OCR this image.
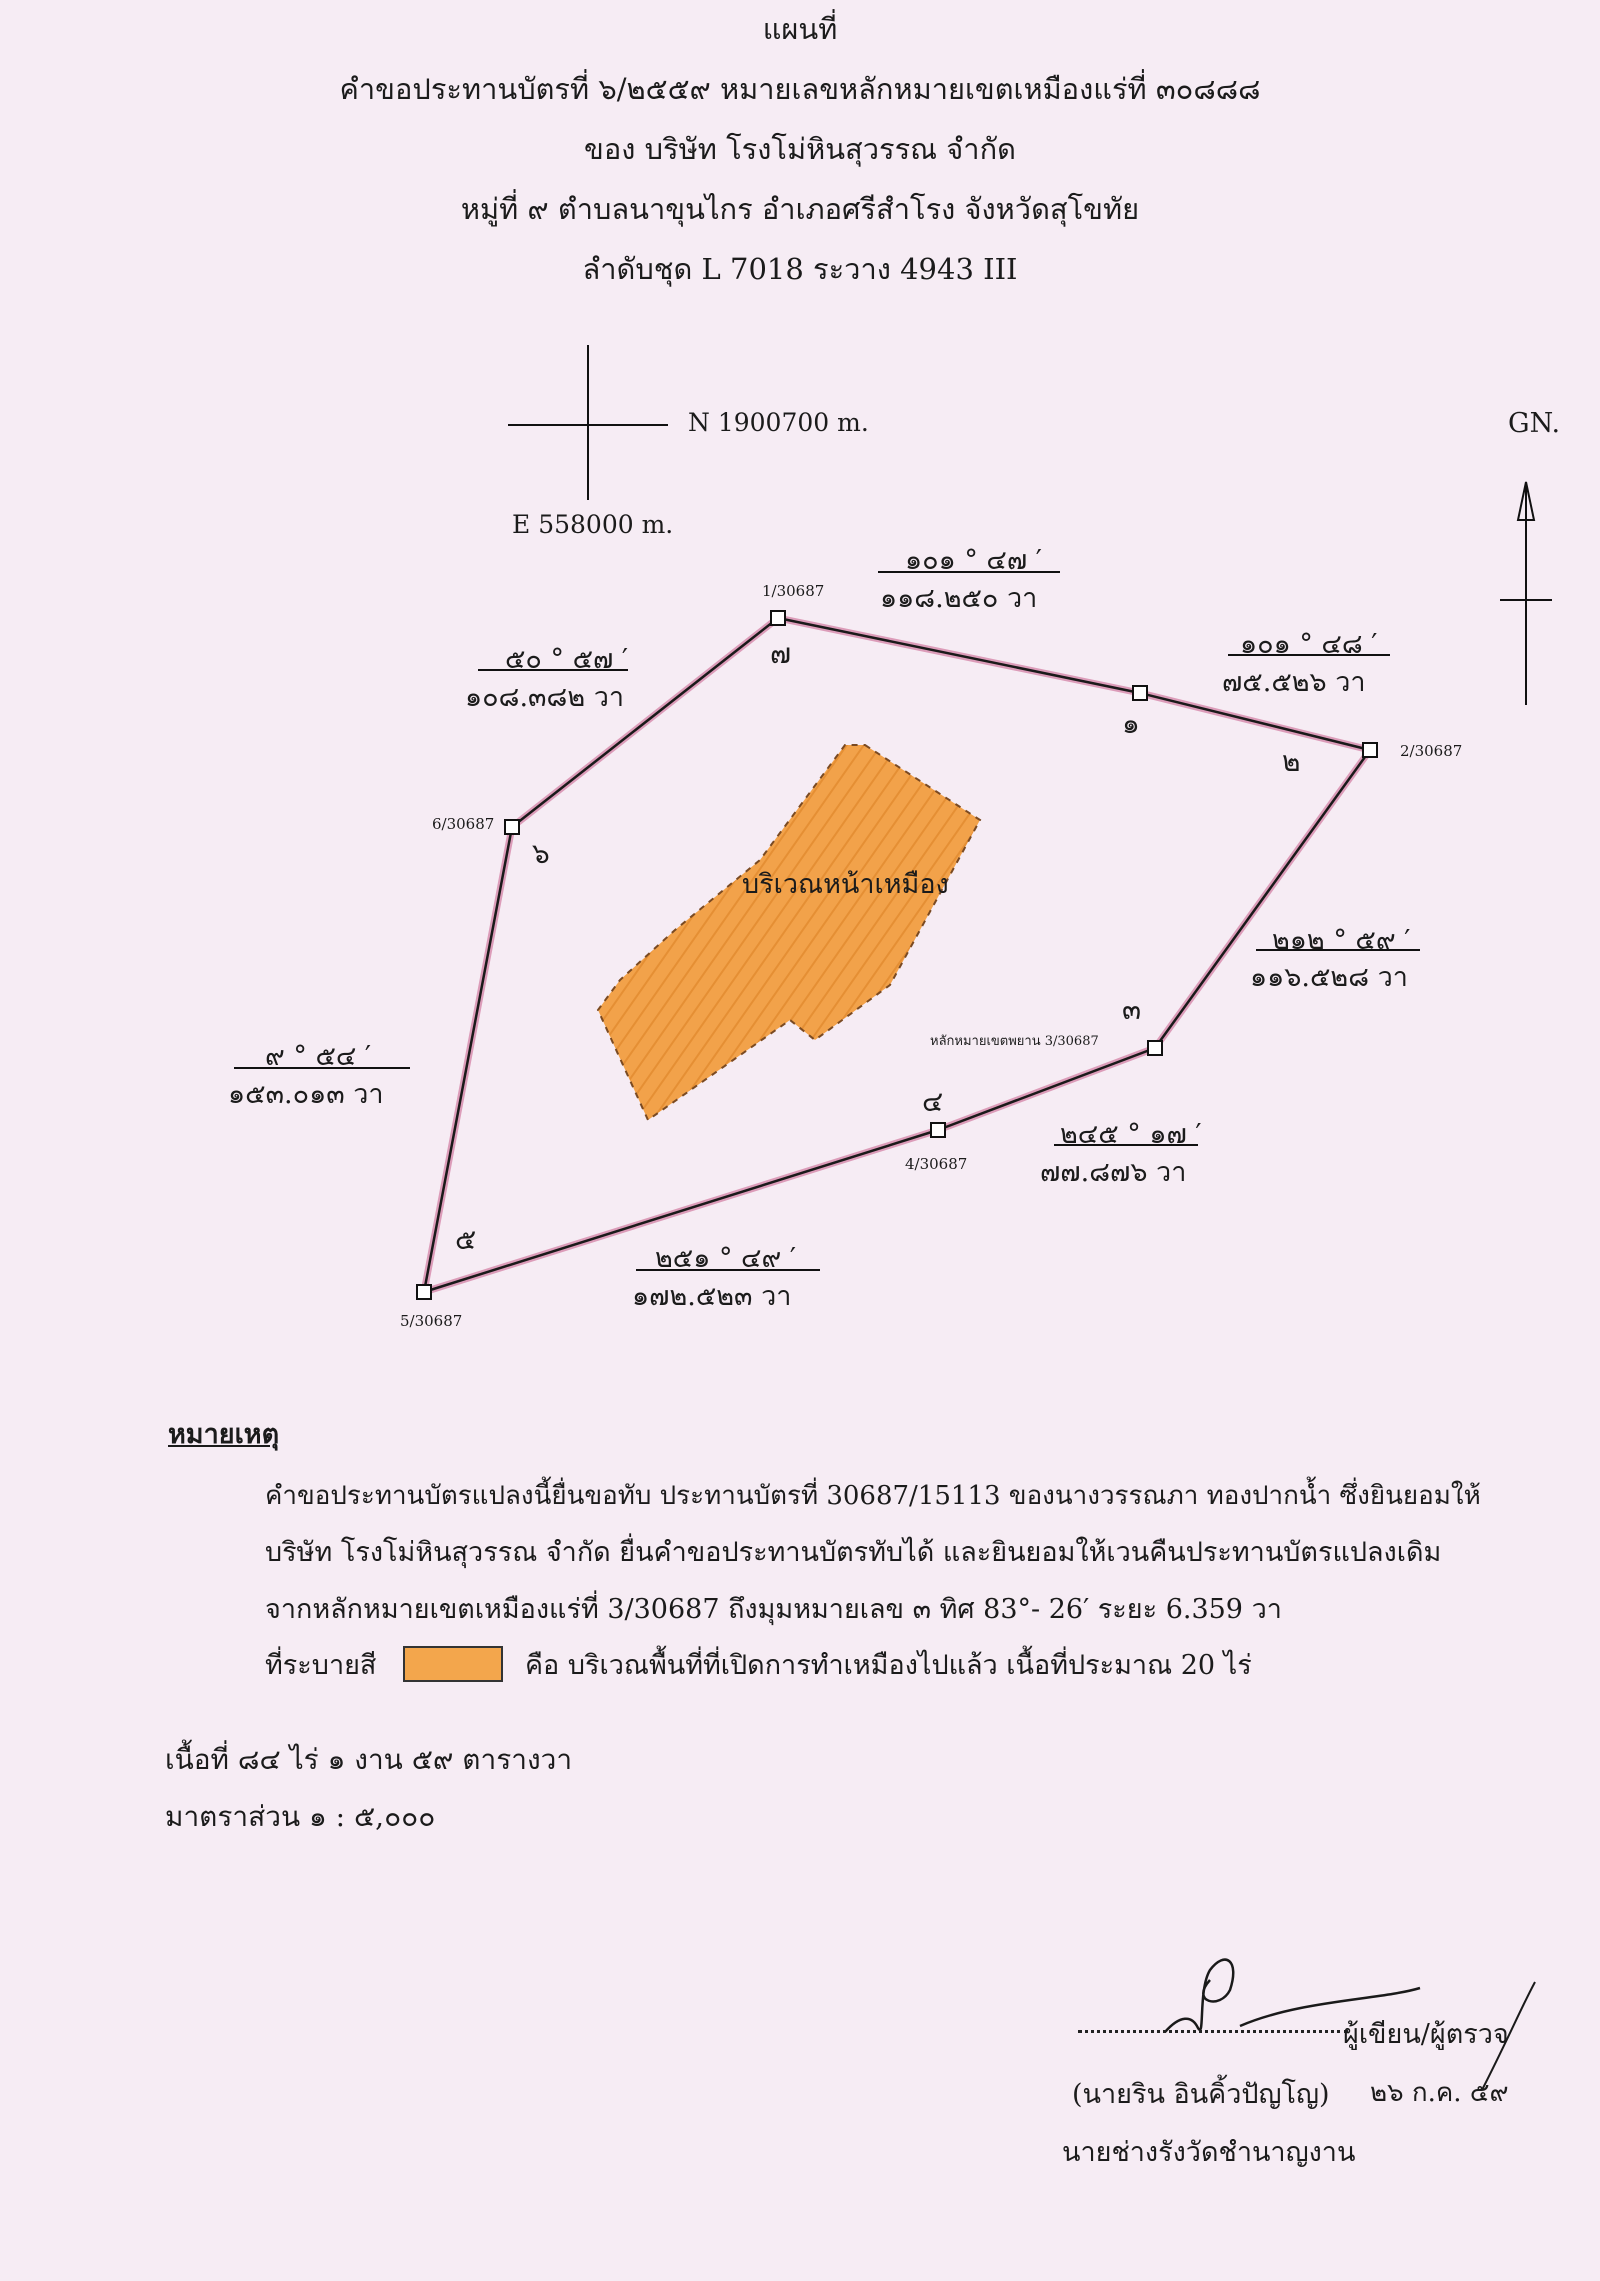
แผนที่
คำขอประทานบัตรที่ ๖/๒๕๕๙ หมายเลขหลักหมายเขตเหมืองแร่ที่ ๓๐๘๘๘
ของ บริษัท โรงโม่หินสุวรรณ จำกัด
หมู่ที่ ๙ ตำบลนาขุนไกร อำเภอศรีสำโรง จังหวัดสุโขทัย
ลำดับชุด L 7018 ระวาง 4943 III
N 1900700 m.
E 558000 m.
GN.
1/30687
2/30687
หลักหมายเขตพยาน 3/30687
4/30687
5/30687
6/30687
๑
๒
๓
๔
๕
๖
๗
๑๐๑ ° ๔๗ ′
๑๑๘.๒๕๐ วา
๑๐๑ ° ๔๘ ′
๗๕.๕๒๖ วา
๒๑๒ ° ๕๙ ′
๑๑๖.๕๒๘ วา
๒๔๕ ° ๑๗ ′
๗๗.๘๗๖ วา
๒๕๑ ° ๔๙ ′
๑๗๒.๕๒๓ วา
๙ ° ๕๔ ′
๑๕๓.๐๑๓ วา
๕๐ ° ๕๗ ′
๑๐๘.๓๘๒ วา
บริเวณหน้าเหมือง
หมายเหตุ
คำขอประทานบัตรแปลงนี้ยื่นขอทับ ประทานบัตรที่ 30687/15113 ของนางวรรณภา ทองปากน้ำ ซึ่งยินยอมให้
บริษัท โรงโม่หินสุวรรณ จำกัด ยื่นคำขอประทานบัตรทับได้ และยินยอมให้เวนคืนประทานบัตรแปลงเดิม
จากหลักหมายเขตเหมืองแร่ที่ 3/30687 ถึงมุมหมายเลข ๓ ทิศ 83°- 26′ ระยะ 6.359 วา
ที่ระบายสี	คือ บริเวณพื้นที่ที่เปิดการทำเหมืองไปแล้ว เนื้อที่ประมาณ 20 ไร่
เนื้อที่ ๘๔ ไร่ ๑ งาน ๕๙ ตารางวา
มาตราส่วน ๑ : ๕,๐๐๐
ผู้เขียน/ผู้ตรวจ
(นายริน อินคิ้วปัญโญ) ๒๖ ก.ค. ๕๙
นายช่างรังวัดชำนาญงาน
